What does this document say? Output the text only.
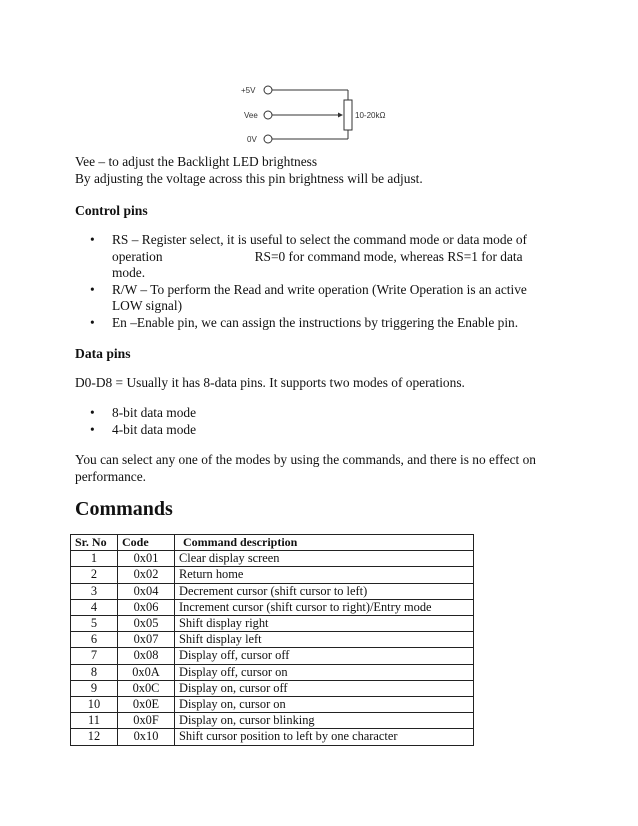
+5V
Vee
0V
10-20kΩ
Vee – to adjust the Backlight LED brightness
By adjusting the voltage across this pin brightness will be adjust.
Control pins
• RS – Register select, it is useful to select the command mode or data mode of
operation	RS=0 for command mode, whereas RS=1 for data
mode.
• R/W – To perform the Read and write operation (Write Operation is an active
LOW signal)
• En –Enable pin, we can assign the instructions by triggering the Enable pin.
Data pins
D0-D8 = Usually it has 8-data pins. It supports two modes of operations.
• 8-bit data mode
• 4-bit data mode
You can select any one of the modes by using the commands, and there is no effect on performance.
Commands
Sr. No	Code	Command description
1	0x01	Clear display screen
2	0x02	Return home
3	0x04	Decrement cursor (shift cursor to left)
4	0x06	Increment cursor (shift cursor to right)/Entry mode
5	0x05	Shift display right
6	0x07	Shift display left
7	0x08	Display off, cursor off
8	0x0A	Display off, cursor on
9	0x0C	Display on, cursor off
10	0x0E	Display on, cursor on
11	0x0F	Display on, cursor blinking
12	0x10	Shift cursor position to left by one character
